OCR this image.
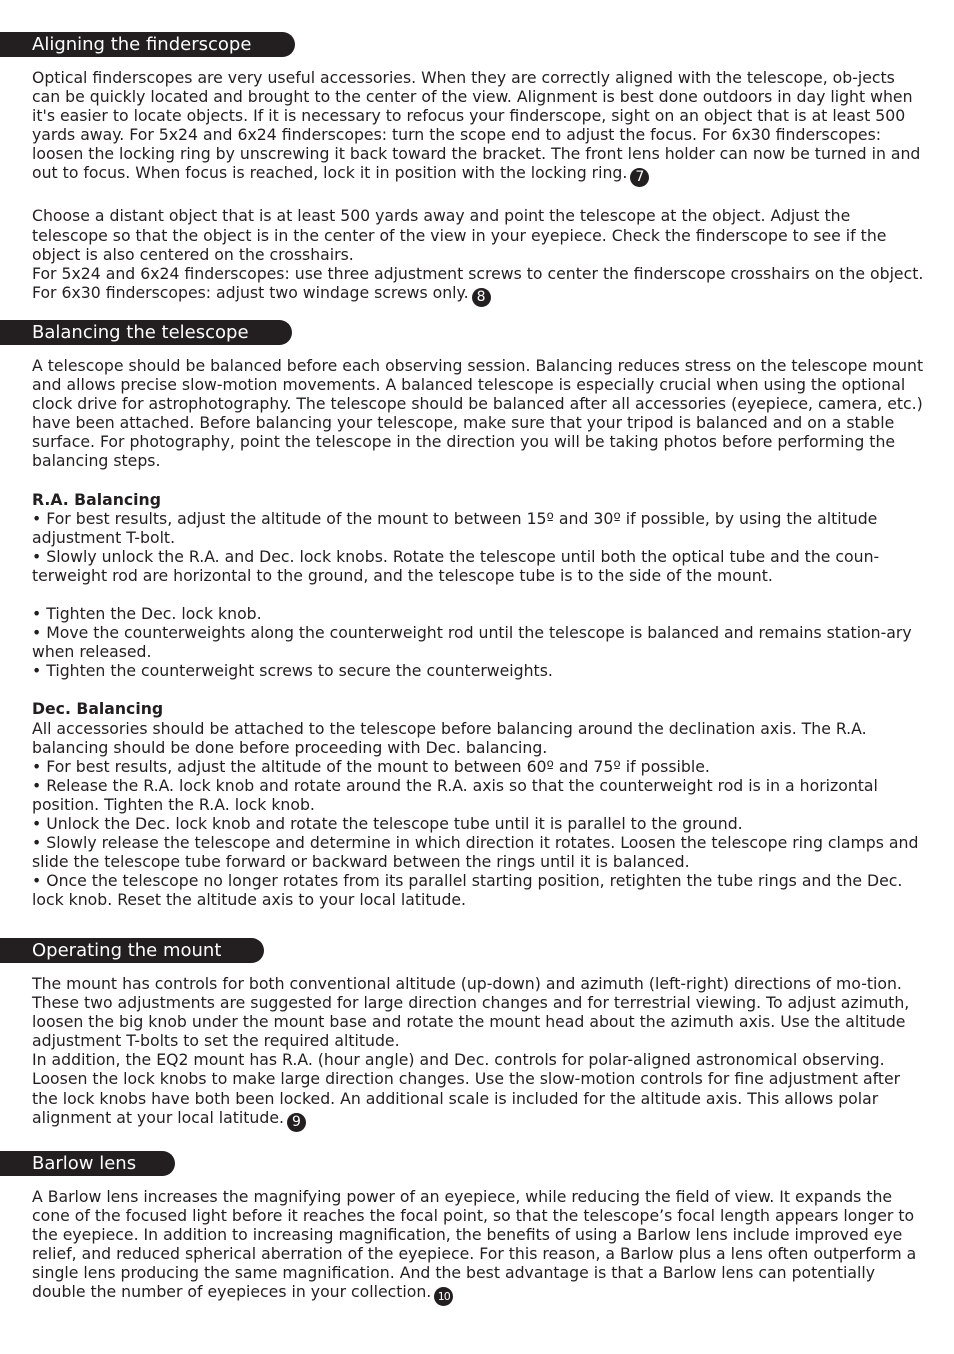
Aligning the finderscope

Optical finderscopes are very useful accessories. When they are correctly aligned with the telescope, ob-jects can be quickly located and brought to the center of the view. Alignment is best done outdoors in day light when it's easier to locate objects. If it is necessary to refocus your finderscope, sight on an object that is at least 500 yards away. For 5x24 and 6x24 finderscopes: turn the scope end to adjust the focus. For 6x30 finderscopes: loosen the locking ring by unscrewing it back toward the bracket. The front lens holder can now be turned in and out to focus. When focus is reached, lock it in position with the locking ring. 7

Choose a distant object that is at least 500 yards away and point the telescope at the object. Adjust the telescope so that the object is in the center of the view in your eyepiece. Check the finderscope to see if the object is also centered on the crosshairs.

For 5x24 and 6x24 finderscopes: use three adjustment screws to center the finderscope crosshairs on the object. For 6x30 finderscopes: adjust two windage screws only. 8

Balancing the telescope

A telescope should be balanced before each observing session. Balancing reduces stress on the telescope mount and allows precise slow-motion movements. A balanced telescope is especially crucial when using the optional clock drive for astrophotography. The telescope should be balanced after all accessories (eyepiece, camera, etc.) have been attached. Before balancing your telescope, make sure that your tripod is balanced and on a stable surface. For photography, point the telescope in the direction you will be taking photos before performing the balancing steps.

R.A. Balancing

• For best results, adjust the altitude of the mount to between 15º and 30º if possible, by using the altitude adjustment T-bolt.

• Slowly unlock the R.A. and Dec. lock knobs. Rotate the telescope until both the optical tube and the coun-terweight rod are horizontal to the ground, and the telescope tube is to the side of the mount.

• Tighten the Dec. lock knob.

• Move the counterweights along the counterweight rod until the telescope is balanced and remains station-ary when released.

• Tighten the counterweight screws to secure the counterweights.

Dec. Balancing

All accessories should be attached to the telescope before balancing around the declination axis. The R.A. balancing should be done before proceeding with Dec. balancing.

• For best results, adjust the altitude of the mount to between 60º and 75º if possible.

• Release the R.A. lock knob and rotate around the R.A. axis so that the counterweight rod is in a horizontal position. Tighten the R.A. lock knob.

• Unlock the Dec. lock knob and rotate the telescope tube until it is parallel to the ground.

• Slowly release the telescope and determine in which direction it rotates. Loosen the telescope ring clamps and slide the telescope tube forward or backward between the rings until it is balanced.

• Once the telescope no longer rotates from its parallel starting position, retighten the tube rings and the Dec. lock knob. Reset the altitude axis to your local latitude.

Operating the mount

The mount has controls for both conventional altitude (up-down) and azimuth (left-right) directions of mo-tion. These two adjustments are suggested for large direction changes and for terrestrial viewing. To adjust azimuth, loosen the big knob under the mount base and rotate the mount head about the azimuth axis. Use the altitude adjustment T-bolts to set the required altitude.

In addition, the EQ2 mount has R.A. (hour angle) and Dec. controls for polar-aligned astronomical observing. Loosen the lock knobs to make large direction changes. Use the slow-motion controls for fine adjustment after the lock knobs have both been locked. An additional scale is included for the altitude axis. This allows polar alignment at your local latitude. 9

Barlow lens

A Barlow lens increases the magnifying power of an eyepiece, while reducing the field of view. It expands the cone of the focused light before it reaches the focal point, so that the telescope’s focal length appears longer to the eyepiece. In addition to increasing magnification, the benefits of using a Barlow lens include improved eye relief, and reduced spherical aberration of the eyepiece. For this reason, a Barlow plus a lens often outperform a single lens producing the same magnification. And the best advantage is that a Barlow lens can potentially double the number of eyepieces in your collection. 10
